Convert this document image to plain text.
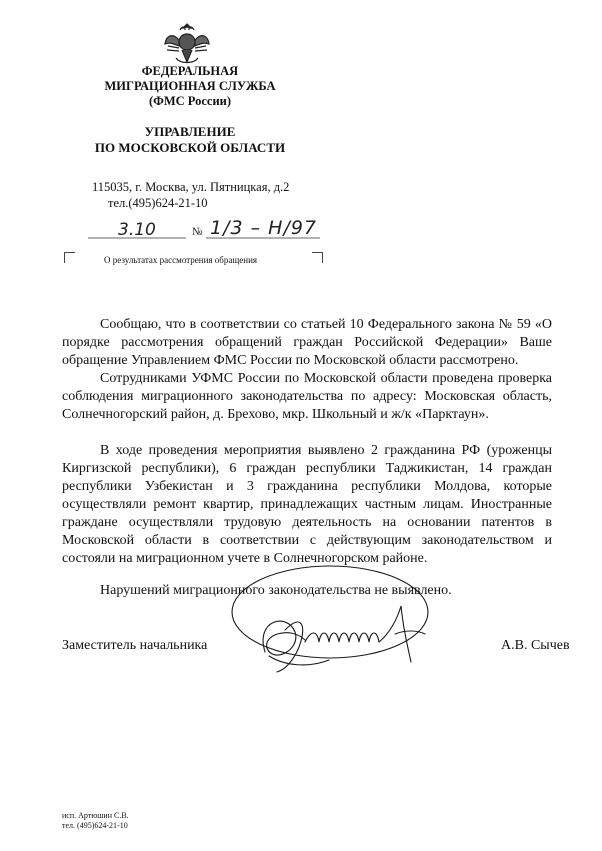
ФЕДЕРАЛЬНАЯ
МИГРАЦИОННАЯ СЛУЖБА
(ФМС России)
УПРАВЛЕНИЕ
ПО МОСКОВСКОЙ ОБЛАСТИ
115035, г. Москва, ул. Пятницкая, д.2
тел.(495)624-21-10
3.10	№ 1/3 – Н/97
О результатах рассмотрения обращения
Сообщаю, что в соответствии со статьей 10 Федерального закона № 59 «О порядке рассмотрения обращений граждан Российской Федерации» Ваше обращение Управлением ФМС России по Московской области рассмотрено.
Сотрудниками УФМС России по Московской области проведена проверка соблюдения миграционного законодательства по адресу: Московская область, Солнечногорский район, д. Брехово, мкр. Школьный и ж/к «Парктаун».
В ходе проведения мероприятия выявлено 2 гражданина РФ (уроженцы Киргизской республики), 6 граждан республики Таджикистан, 14 граждан республики Узбекистан и 3 гражданина республики Молдова, которые осуществляли ремонт квартир, принадлежащих частным лицам. Иностранные граждане осуществляли трудовую деятельность на основании патентов в Московской области в соответствии с действующим законодательством и состояли на миграционном учете в Солнечногорском районе.
Нарушений миграционного законодательства не выявлено.
Заместитель начальника	А.В. Сычев
исп. Артюшин С.В.
тел. (495)624-21-10
